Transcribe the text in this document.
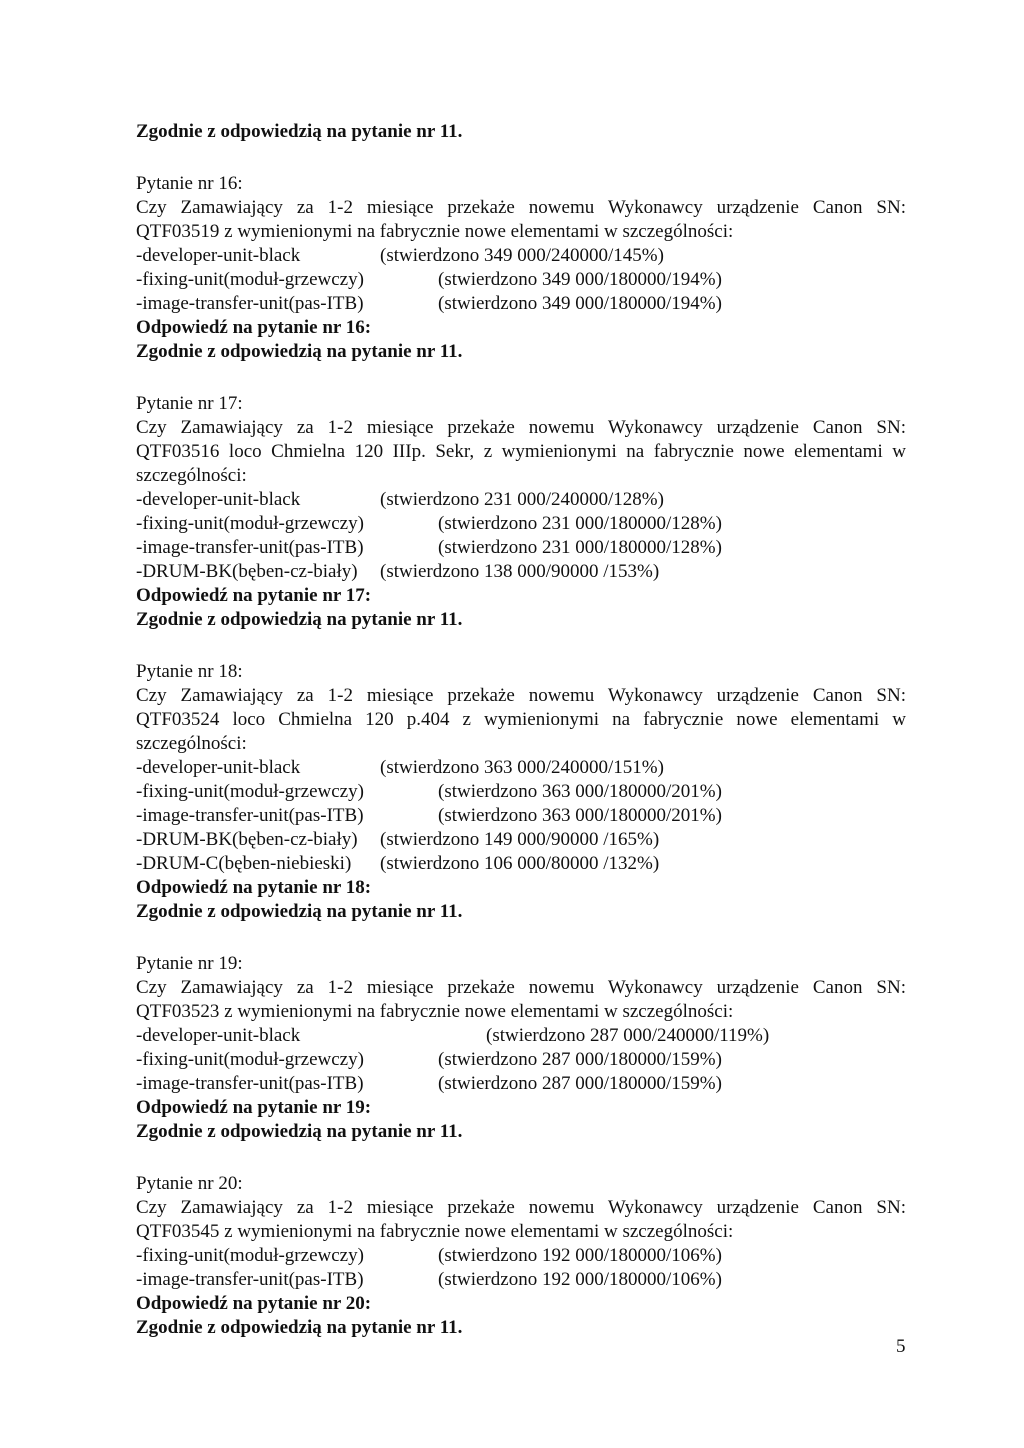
Zgodnie z odpowiedzią na pytanie nr 11.
Pytanie nr 16:
Czy Zamawiający za 1-2 miesiące przekaże nowemu Wykonawcy urządzenie Canon SN:
QTF03519 z wymienionymi na fabrycznie nowe elementami w szczególności:
-developer-unit-black	(stwierdzono 349 000/240000/145%)
-fixing-unit(moduł-grzewczy)	(stwierdzono 349 000/180000/194%)
-image-transfer-unit(pas-ITB)	(stwierdzono 349 000/180000/194%)
Odpowiedź na pytanie nr 16:
Zgodnie z odpowiedzią na pytanie nr 11.
Pytanie nr 17:
Czy Zamawiający za 1-2 miesiące przekaże nowemu Wykonawcy urządzenie Canon SN:
QTF03516 loco Chmielna 120 IIIp. Sekr, z wymienionymi na fabrycznie nowe elementami w
szczególności:
-developer-unit-black	(stwierdzono 231 000/240000/128%)
-fixing-unit(moduł-grzewczy)	(stwierdzono 231 000/180000/128%)
-image-transfer-unit(pas-ITB)	(stwierdzono 231 000/180000/128%)
-DRUM-BK(bęben-cz-biały)	(stwierdzono 138 000/90000 /153%)
Odpowiedź na pytanie nr 17:
Zgodnie z odpowiedzią na pytanie nr 11.
Pytanie nr 18:
Czy Zamawiający za 1-2 miesiące przekaże nowemu Wykonawcy urządzenie Canon SN:
QTF03524 loco Chmielna 120 p.404 z wymienionymi na fabrycznie nowe elementami w
szczególności:
-developer-unit-black	(stwierdzono 363 000/240000/151%)
-fixing-unit(moduł-grzewczy)	(stwierdzono 363 000/180000/201%)
-image-transfer-unit(pas-ITB)	(stwierdzono 363 000/180000/201%)
-DRUM-BK(bęben-cz-biały)	(stwierdzono 149 000/90000 /165%)
-DRUM-C(bęben-niebieski)	(stwierdzono 106 000/80000 /132%)
Odpowiedź na pytanie nr 18:
Zgodnie z odpowiedzią na pytanie nr 11.
Pytanie nr 19:
Czy Zamawiający za 1-2 miesiące przekaże nowemu Wykonawcy urządzenie Canon SN:
QTF03523 z wymienionymi na fabrycznie nowe elementami w szczególności:
-developer-unit-black	(stwierdzono 287 000/240000/119%)
-fixing-unit(moduł-grzewczy)	(stwierdzono 287 000/180000/159%)
-image-transfer-unit(pas-ITB)	(stwierdzono 287 000/180000/159%)
Odpowiedź na pytanie nr 19:
Zgodnie z odpowiedzią na pytanie nr 11.
Pytanie nr 20:
Czy Zamawiający za 1-2 miesiące przekaże nowemu Wykonawcy urządzenie Canon SN:
QTF03545 z wymienionymi na fabrycznie nowe elementami w szczególności:
-fixing-unit(moduł-grzewczy)	(stwierdzono 192 000/180000/106%)
-image-transfer-unit(pas-ITB)	(stwierdzono 192 000/180000/106%)
Odpowiedź na pytanie nr 20:
Zgodnie z odpowiedzią na pytanie nr 11.
5
